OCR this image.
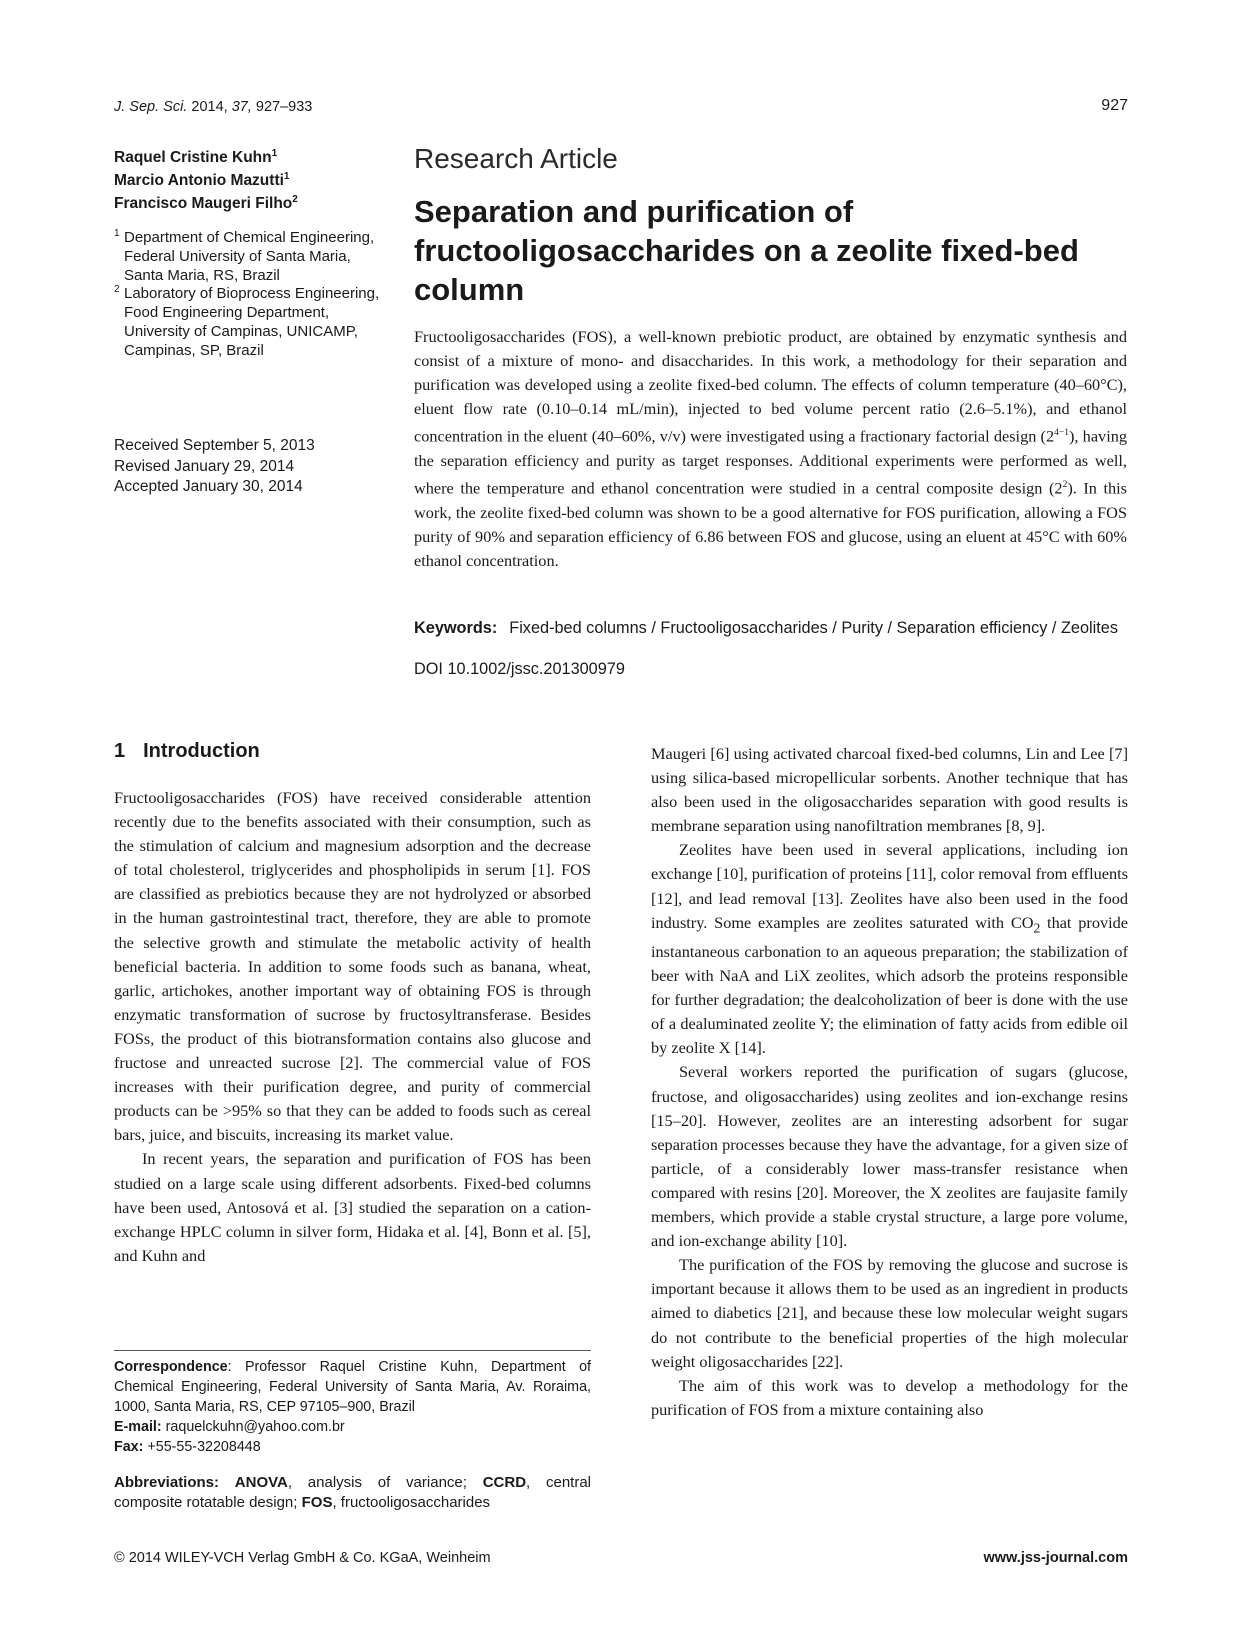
J. Sep. Sci. 2014, 37, 927–933	927
Raquel Cristine Kuhn$^1$
Marcio Antonio Mazutti$^1$
Francisco Maugeri Filho$^2$

1 Department of Chemical Engineering, Federal University of Santa Maria, Santa Maria, RS, Brazil

2 Laboratory of Bioprocess Engineering, Food Engineering Department, University of Campinas, UNICAMP, Campinas, SP, Brazil

Received September 5, 2013
Revised January 29, 2014
Accepted January 30, 2014
Research Article
Separation and purification of fructooligosaccharides on a zeolite fixed-bed column

Fructooligosaccharides (FOS), a well-known prebiotic product, are obtained by enzymatic synthesis and consist of a mixture of mono- and disaccharides. In this work, a methodology for their separation and purification was developed using a zeolite fixed-bed column. The effects of column temperature (40–60°C), eluent flow rate (0.10–0.14 mL/min), injected to bed volume percent ratio (2.6–5.1%), and ethanol concentration in the eluent (40–60%, v/v) were investigated using a fractionary factorial design $(2^{4-1})$, having the separation efficiency and purity as target responses. Additional experiments were performed as well, where the temperature and ethanol concentration were studied in a central composite design $(2^2)$. In this work, the zeolite fixed-bed column was shown to be a good alternative for FOS purification, allowing a FOS purity of 90% and separation efficiency of 6.86 between FOS and glucose, using an eluent at 45°C with 60% ethanol concentration.

Keywords: Fixed-bed columns / Fructooligosaccharides / Purity / Separation efficiency / Zeolites

DOI 10.1002/jssc.201300979
1 Introduction

Fructooligosaccharides (FOS) have received considerable attention recently due to the benefits associated with their consumption, such as the stimulation of calcium and magnesium adsorption and the decrease of total cholesterol, triglycerides and phospholipids in serum [1]. FOS are classified as prebiotics because they are not hydrolyzed or absorbed in the human gastrointestinal tract, therefore, they are able to promote the selective growth and stimulate the metabolic activity of health beneficial bacteria. In addition to some foods such as banana, wheat, garlic, artichokes, another important way of obtaining FOS is through enzymatic transformation of sucrose by fructosyltransferase. Besides FOSs, the product of this biotransformation contains also glucose and fructose and unreacted sucrose [2]. The commercial value of FOS increases with their purification degree, and purity of commercial products can be >95% so that they can be added to foods such as cereal bars, juice, and biscuits, increasing its market value.

In recent years, the separation and purification of FOS has been studied on a large scale using different adsorbents. Fixed-bed columns have been used, Antosová et al. [3] studied the separation on a cation-exchange HPLC column in silver form, Hidaka et al. [4], Bonn et al. [5], and Kuhn and

Maugeri [6] using activated charcoal fixed-bed columns, Lin and Lee [7] using silica-based micropellicular sorbents. Another technique that has also been used in the oligosaccharides separation with good results is membrane separation using nanofiltration membranes [8, 9].

Zeolites have been used in several applications, including ion exchange [10], purification of proteins [11], color removal from effluents [12], and lead removal [13]. Zeolites have also been used in the food industry. Some examples are zeolites saturated with $CO_2$ that provide instantaneous carbonation to an aqueous preparation; the stabilization of beer with NaA and LiX zeolites, which adsorb the proteins responsible for further degradation; the dealcoholization of beer is done with the use of a dealuminated zeolite Y; the elimination of fatty acids from edible oil by zeolite X [14].

Several workers reported the purification of sugars (glucose, fructose, and oligosaccharides) using zeolites and ion-exchange resins [15–20]. However, zeolites are an interesting adsorbent for sugar separation processes because they have the advantage, for a given size of particle, of a considerably lower mass-transfer resistance when compared with resins [20]. Moreover, the X zeolites are faujasite family members, which provide a stable crystal structure, a large pore volume, and ion-exchange ability [10].

The purification of the FOS by removing the glucose and sucrose is important because it allows them to be used as an ingredient in products aimed to diabetics [21], and because these low molecular weight sugars do not contribute to the beneficial properties of the high molecular weight oligosaccharides [22].

The aim of this work was to develop a methodology for the purification of FOS from a mixture containing also

Correspondence: Professor Raquel Cristine Kuhn, Department of Chemical Engineering, Federal University of Santa Maria, Av. Roraima, 1000, Santa Maria, RS, CEP 97105–900, Brazil

E-mail: raquelckuhn@yahoo.com.br

Fax: +55-55-32208448

Abbreviations: ANOVA, analysis of variance; CCRD, central composite rotatable design; FOS, fructooligosaccharides

© 2014 WILEY-VCH Verlag GmbH & Co. KGaA, Weinheim	www.jss-journal.com
